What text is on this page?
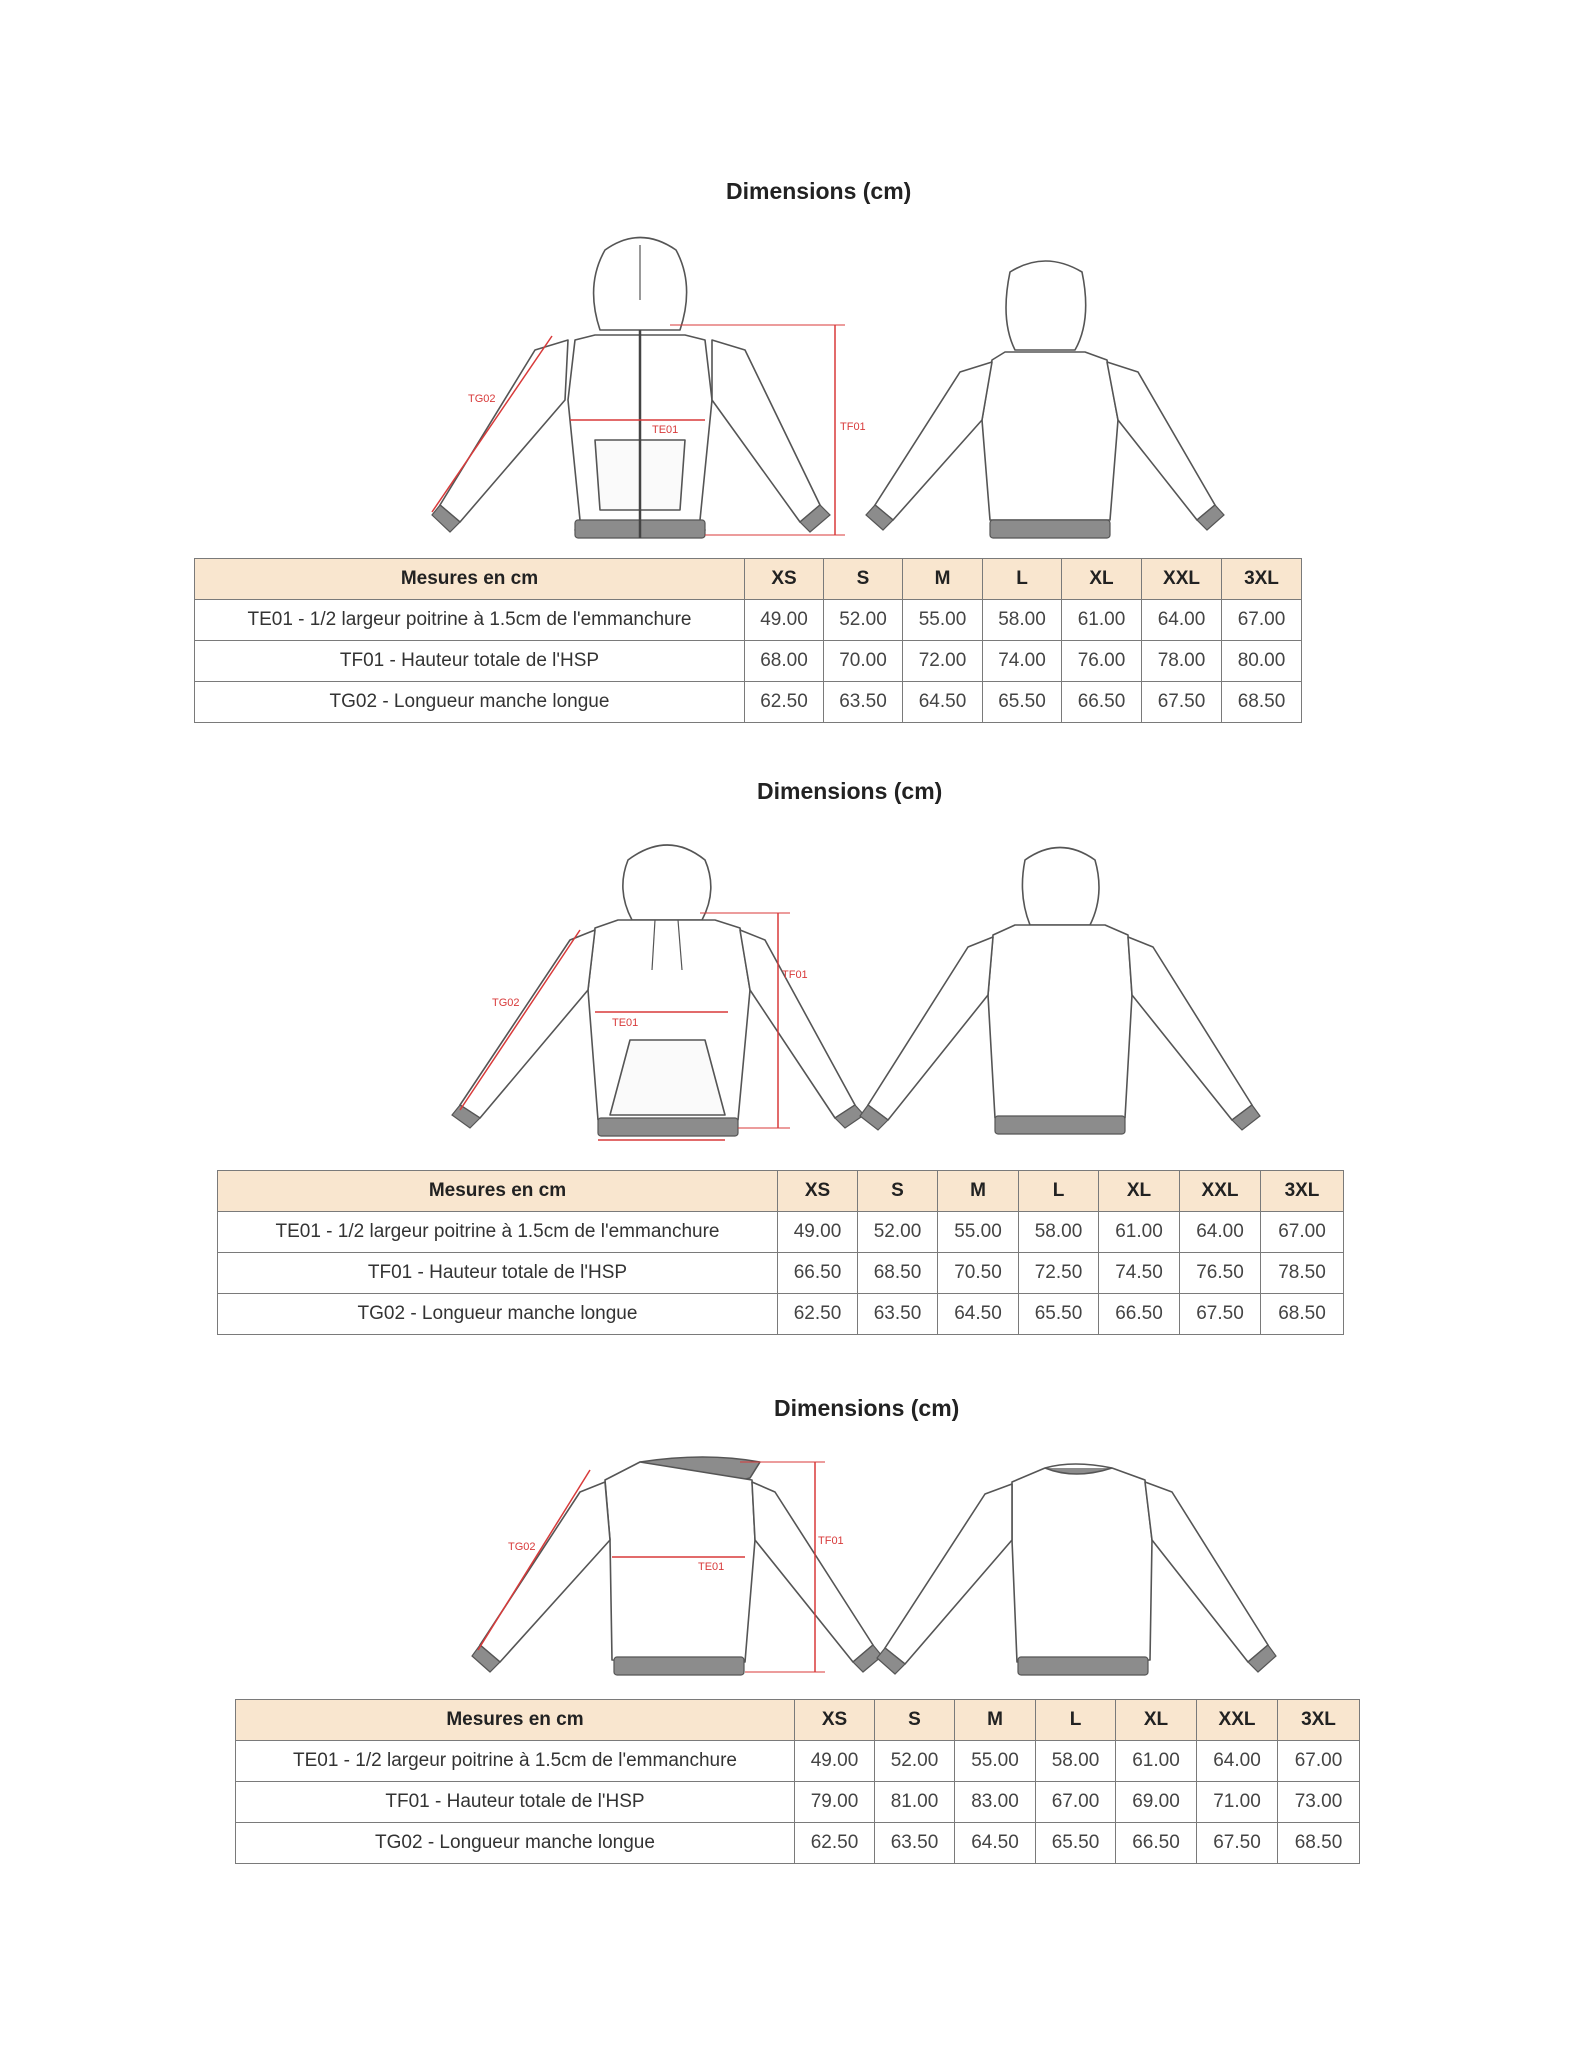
Dimensions (cm)
TE01	TF01
TG02
Mesures en cm	XS	S	M	L	XL	XXL	3XL
TE01 - 1/2 largeur poitrine à 1.5cm de l'emmanchure	49.00	52.00	55.00	58.00	61.00	64.00	67.00
TF01 - Hauteur totale de l'HSP	68.00	70.00	72.00	74.00	76.00	78.00	80.00
TG02 - Longueur manche longue	62.50	63.50	64.50	65.50	66.50	67.50	68.50
Dimensions (cm)
TE01
TF01
TG02
Mesures en cm	XS	S	M	L	XL	XXL	3XL
TE01 - 1/2 largeur poitrine à 1.5cm de l'emmanchure	49.00	52.00	55.00	58.00	61.00	64.00	67.00
TF01 - Hauteur totale de l'HSP	66.50	68.50	70.50	72.50	74.50	76.50	78.50
TG02 - Longueur manche longue	62.50	63.50	64.50	65.50	66.50	67.50	68.50
Dimensions (cm)
TE01
TF01
TG02
Mesures en cm	XS	S	M	L	XL	XXL	3XL
TE01 - 1/2 largeur poitrine à 1.5cm de l'emmanchure	49.00	52.00	55.00	58.00	61.00	64.00	67.00
TF01 - Hauteur totale de l'HSP	79.00	81.00	83.00	67.00	69.00	71.00	73.00
TG02 - Longueur manche longue	62.50	63.50	64.50	65.50	66.50	67.50	68.50
